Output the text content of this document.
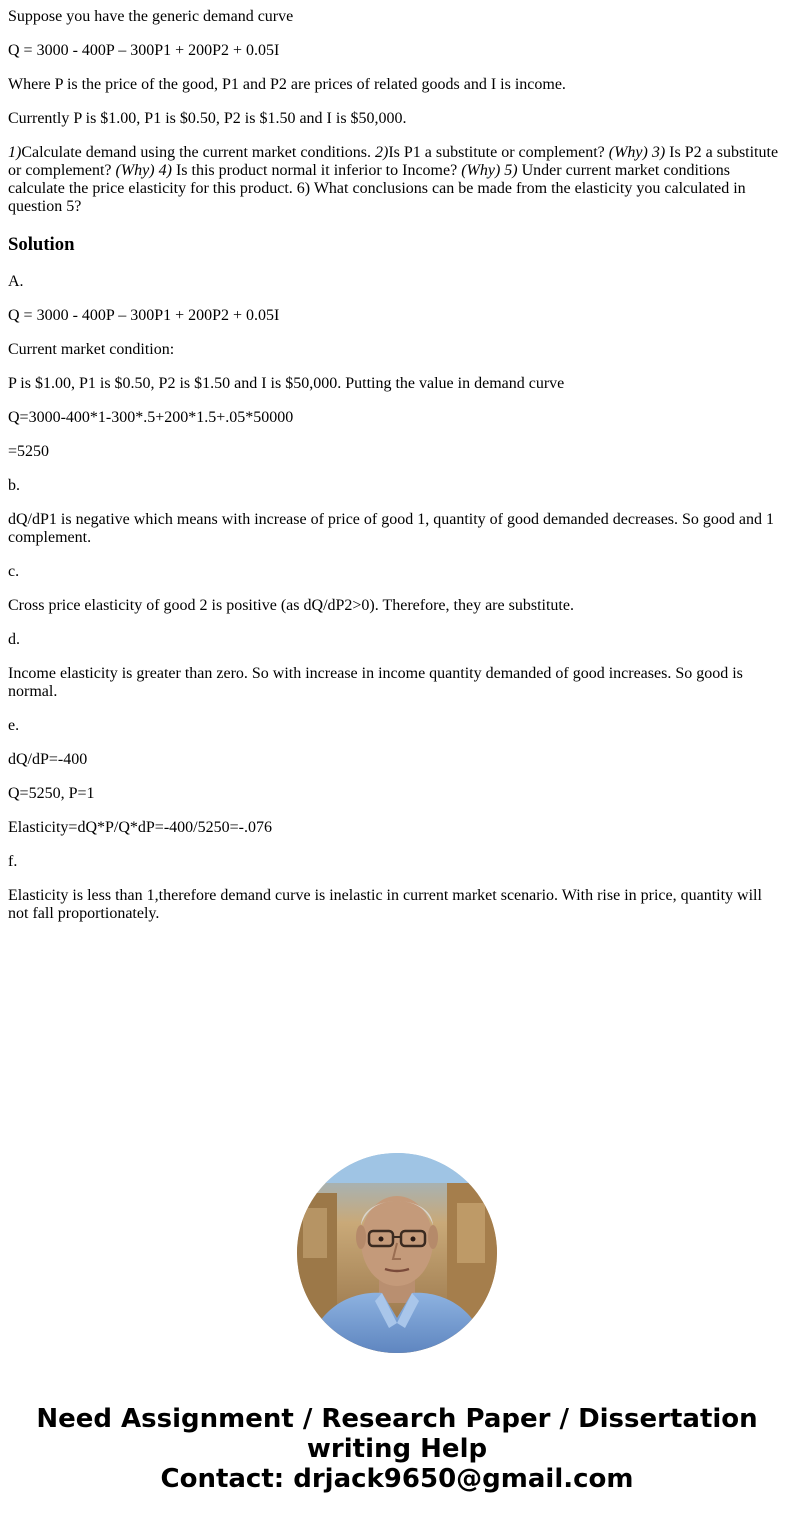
Suppose you have the generic demand curve

Q = 3000 - 400P – 300P1 + 200P2 + 0.05I

Where P is the price of the good, P1 and P2 are prices of related goods and I is income.

Currently P is $1.00, P1 is $0.50, P2 is $1.50 and I is $50,000.

1)Calculate demand using the current market conditions. 2)Is P1 a substitute or complement? (Why) 3) Is P2 a substitute or complement? (Why) 4) Is this product normal it inferior to Income? (Why) 5) Under current market conditions calculate the price elasticity for this product. 6) What conclusions can be made from the elasticity you calculated in question 5?

Solution

A.

Q = 3000 - 400P – 300P1 + 200P2 + 0.05I

Current market condition:

P is $1.00, P1 is $0.50, P2 is $1.50 and I is $50,000. Putting the value in demand curve

Q=3000-400*1-300*.5+200*1.5+.05*50000

=5250

b.

dQ/dP1 is negative which means with increase of price of good 1, quantity of good demanded decreases. So good and 1 complement.

c.

Cross price elasticity of good 2 is positive (as dQ/dP2>0). Therefore, they are substitute.

d.

Income elasticity is greater than zero. So with increase in income quantity demanded of good increases. So good is normal.

e.

dQ/dP=-400

Q=5250, P=1

Elasticity=dQ*P/Q*dP=-400/5250=-.076

f.

Elasticity is less than 1,therefore demand curve is inelastic in current market scenario. With rise in price, quantity will not fall proportionately.

Need Assignment / Research Paper / Dissertation
writing Help
Contact: drjack9650@gmail.com
